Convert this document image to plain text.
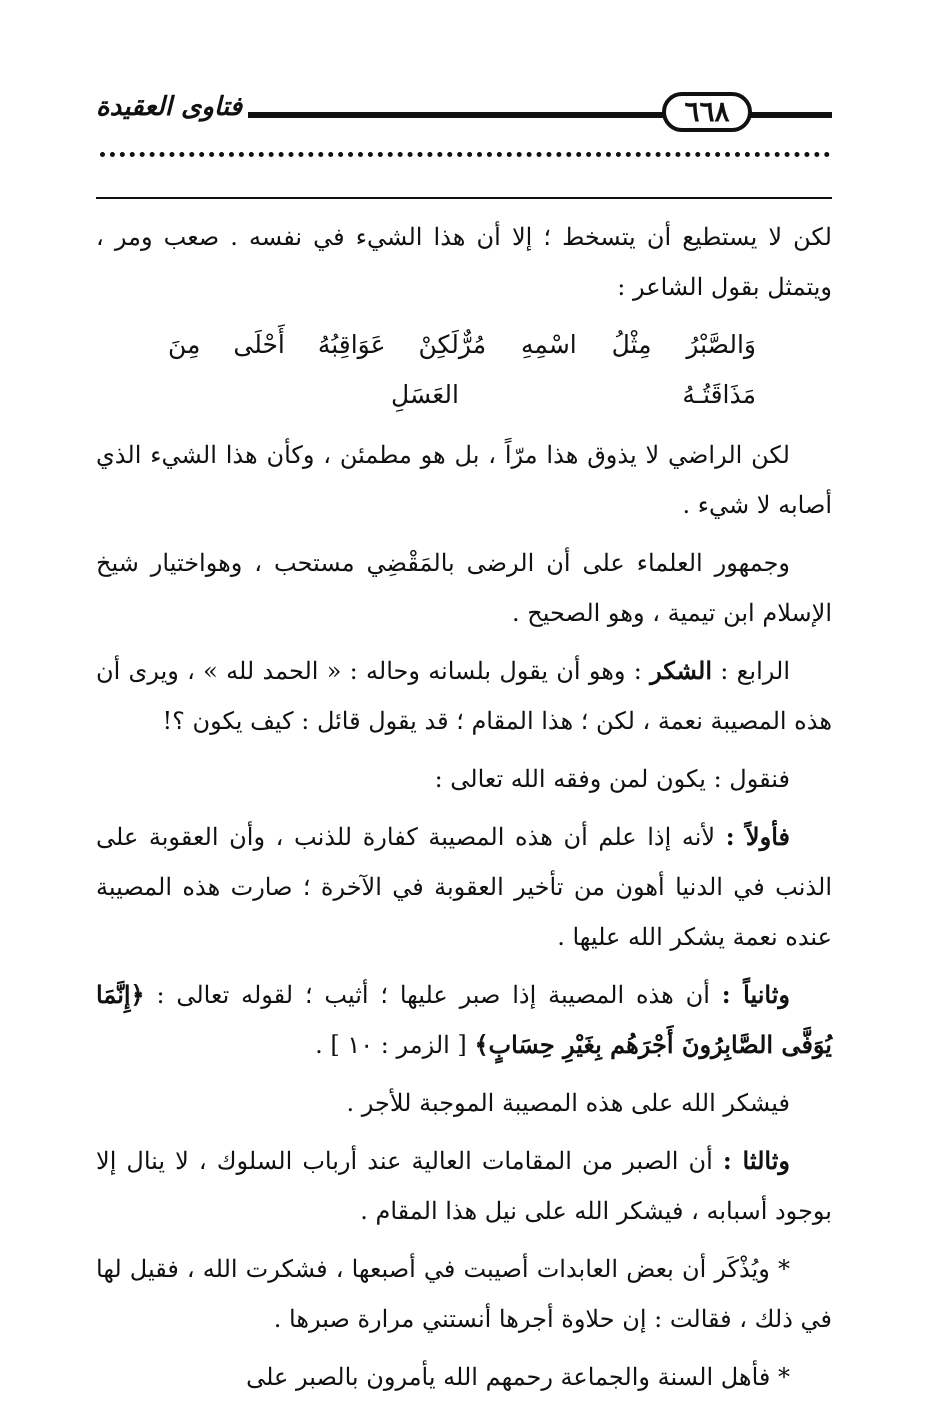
٦٦٨
فتاوى العقيدة

لكن لا يستطيع أن يتسخط ؛ إلا أن هذا الشيء في نفسه . صعب ومر ، ويتمثل بقول الشاعر :

وَالصَّبْرُ مِثْلُ اسْمِهِ مُرٌّ مَذَاقَتُـهُ
لَكِنْ عَوَاقِبُهُ أَحْلَى مِنَ العَسَلِ

لكن الراضي لا يذوق هذا مرّاً ، بل هو مطمئن ، وكأن هذا الشيء الذي أصابه لا شيء .

وجمهور العلماء على أن الرضى بالمَقْضِي مستحب ، وهواختيار شيخ الإسلام ابن تيمية ، وهو الصحيح .

الرابع : الشكر : وهو أن يقول بلسانه وحاله : « الحمد لله » ، ويرى أن هذه المصيبة نعمة ، لكن ؛ هذا المقام ؛ قد يقول قائل : كيف يكون ؟!

فنقول : يكون لمن وفقه الله تعالى :

فأولاً : لأنه إذا علم أن هذه المصيبة كفارة للذنب ، وأن العقوبة على الذنب في الدنيا أهون من تأخير العقوبة في الآخرة ؛ صارت هذه المصيبة عنده نعمة يشكر الله عليها .

وثانياً : أن هذه المصيبة إذا صبر عليها ؛ أثيب ؛ لقوله تعالى : ﴿إِنَّمَا يُوَفَّى الصَّابِرُونَ أَجْرَهُم بِغَيْرِ حِسَابٍ﴾ [ الزمر : ١٠ ] .

فيشكر الله على هذه المصيبة الموجبة للأجر .

وثالثا : أن الصبر من المقامات العالية عند أرباب السلوك ، لا ينال إلا بوجود أسبابه ، فيشكر الله على نيل هذا المقام .

* ويُذْكَر أن بعض العابدات أصيبت في أصبعها ، فشكرت الله ، فقيل لها في ذلك ، فقالت : إن حلاوة أجرها أنستني مرارة صبرها .

* فأهل السنة والجماعة رحمهم الله يأمرون بالصبر على
